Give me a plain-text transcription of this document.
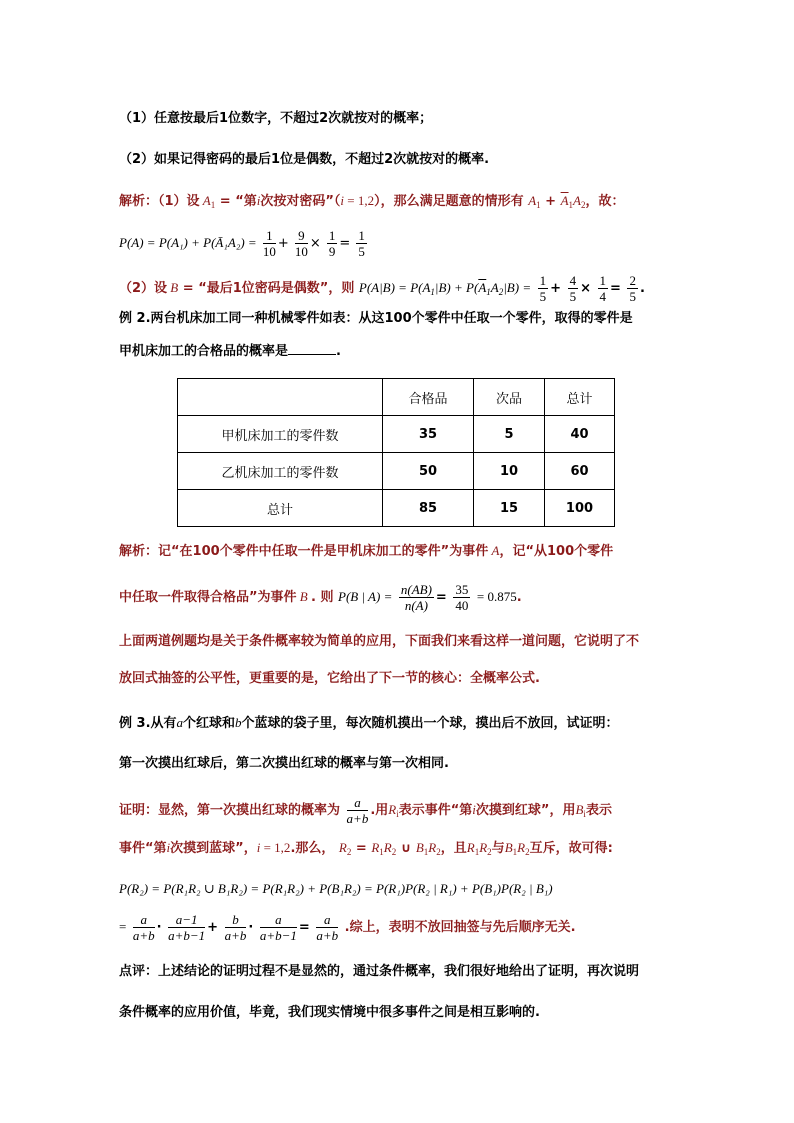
（1）任意按最后1位数字，不超过2次就按对的概率；
（2）如果记得密码的最后1位是偶数，不超过2次就按对的概率.
解析：（1）设 $A_1$ = “第i次按对密码”（i = 1,2），那么满足题意的情形有 $A_1 + \overline{A}_1A_2$，故：
P(A) = P(A₁) + P(Ā₁A₂) = $\frac{1}{10} + \frac{9}{10} \times \frac{1}{9} = \frac{1}{5}$
（2）设 B = “最后1位密码是偶数”，则 $P(A|B) = P(A_1|B) + P(\overline{A}_1A_2|B) = \frac{1}{5} + \frac{4}{5} \times \frac{1}{4} = \frac{2}{5}$ .
例 2.两台机床加工同一种机械零件如表：从这100个零件中任取一个零件，取得的零件是
甲机床加工的合格品的概率是	.
	合格品	次品	总计
甲机床加工的零件数	35	5	40
乙机床加工的零件数	50	10	60
总计	85	15	100
解析：记“在100个零件中任取一件是甲机床加工的零件”为事件 A，记“从100个零件
中任取一件取得合格品”为事件 B . 则 P(B | $A) = \frac{n(AB)}{n(A)} = \frac{35}{40} = 0.875$.
上面两道例题均是关于条件概率较为简单的应用，下面我们来看这样一道问题，它说明了不
放回式抽签的公平性，更重要的是，它给出了下一节的核心：全概率公式.
例 3.从有a个红球和b个蓝球的袋子里，每次随机摸出一个球，摸出后不放回，试证明：
第一次摸出红球后，第二次摸出红球的概率与第一次相同.
证明：显然，第一次摸出红球的概率为 $\frac{a}{a+b}$ .用$R_i$表示事件“第i次摸到红球”，用$B_i$表示
事件“第i次摸到蓝球”，i = 1,2.那么， $R_2 = R_1R_2$ ∪ $B_1R_2$，且$R_1R_2$与$B_1R_2$互斥，故可得:
P(R₂) = P(R₁R₂ ∪ B₁R₂) = P(R₁R₂) + P(B₁R₂) = P(R₁)P(R₂ | R₁) + P(B₁)P(R₂ | B₁)
= $\frac{a}{a+b} \cdot \frac{a-1}{a+b-1} + \frac{b}{a+b} \cdot \frac{a}{a+b-1} = \frac{a}{a+b}$ .综上，表明不放回抽签与先后顺序无关.
点评：上述结论的证明过程不是显然的，通过条件概率，我们很好地给出了证明，再次说明
条件概率的应用价值，毕竟，我们现实情境中很多事件之间是相互影响的.
